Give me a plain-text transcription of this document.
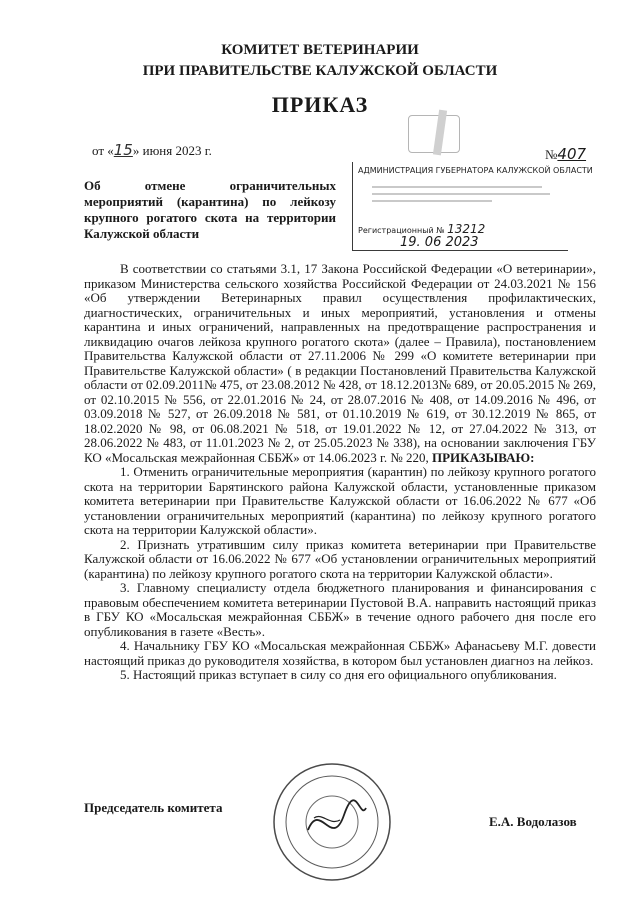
КОМИТЕТ ВЕТЕРИНАРИИ
ПРИ ПРАВИТЕЛЬСТВЕ КАЛУЖСКОЙ ОБЛАСТИ
ПРИКАЗ
от «15» июня 2023 г.	№407
Об отмене ограничительных мероприятий (карантина) по лейкозу крупного рогатого скота на территории Калужской области
АДМИНИСТРАЦИЯ ГУБЕРНАТОРА КАЛУЖСКОЙ ОБЛАСТИ
Регистрационный № 13212
19. 06 2023

В соответствии со статьями 3.1, 17 Закона Российской Федерации «О ветеринарии», приказом Министерства сельского хозяйства Российской Федерации от 24.03.2021 № 156 «Об утверждении Ветеринарных правил осуществления профилактических, диагностических, ограничительных и иных мероприятий, установления и отмены карантина и иных ограничений, направленных на предотвращение распространения и ликвидацию очагов лейкоза крупного рогатого скота» (далее – Правила), постановлением Правительства Калужской области от 27.11.2006 № 299 «О комитете ветеринарии при Правительстве Калужской области» ( в редакции Постановлений Правительства Калужской области от 02.09.2011№ 475, от 23.08.2012 № 428, от 18.12.2013№ 689, от 20.05.2015 № 269, от 02.10.2015 № 556, от 22.01.2016 № 24, от 28.07.2016 № 408, от 14.09.2016 № 496, от 03.09.2018 № 527, от 26.09.2018 № 581, от 01.10.2019 № 619, от 30.12.2019 № 865, от 18.02.2020 № 98, от 06.08.2021 № 518, от 19.01.2022 № 12, от 27.04.2022 № 313, от 28.06.2022 № 483, от 11.01.2023 № 2, от 25.05.2023 № 338), на основании заключения ГБУ КО «Мосальская межрайонная СББЖ» от 14.06.2023 г. № 220, ПРИКАЗЫВАЮ:

1. Отменить ограничительные мероприятия (карантин) по лейкозу крупного рогатого скота на территории Барятинского района Калужской области, установленные приказом комитета ветеринарии при Правительстве Калужской области от 16.06.2022 № 677 «Об установлении ограничительных мероприятий (карантина) по лейкозу крупного рогатого скота на территории Калужской области».

2. Признать утратившим силу приказ комитета ветеринарии при Правительстве Калужской области от 16.06.2022 № 677 «Об установлении ограничительных мероприятий (карантина) по лейкозу крупного рогатого скота на территории Калужской области».

3. Главному специалисту отдела бюджетного планирования и финансирования с правовым обеспечением комитета ветеринарии Пустовой В.А. направить настоящий приказ в ГБУ КО «Мосальская межрайонная СББЖ» в течение одного рабочего дня после его опубликования в газете «Весть».

4. Начальнику ГБУ КО «Мосальская межрайонная СББЖ» Афанасьеву М.Г. довести настоящий приказ до руководителя хозяйства, в котором был установлен диагноз на лейкоз.

5. Настоящий приказ вступает в силу со дня его официального опубликования.

Председатель комитета
Е.А. Водолазов
